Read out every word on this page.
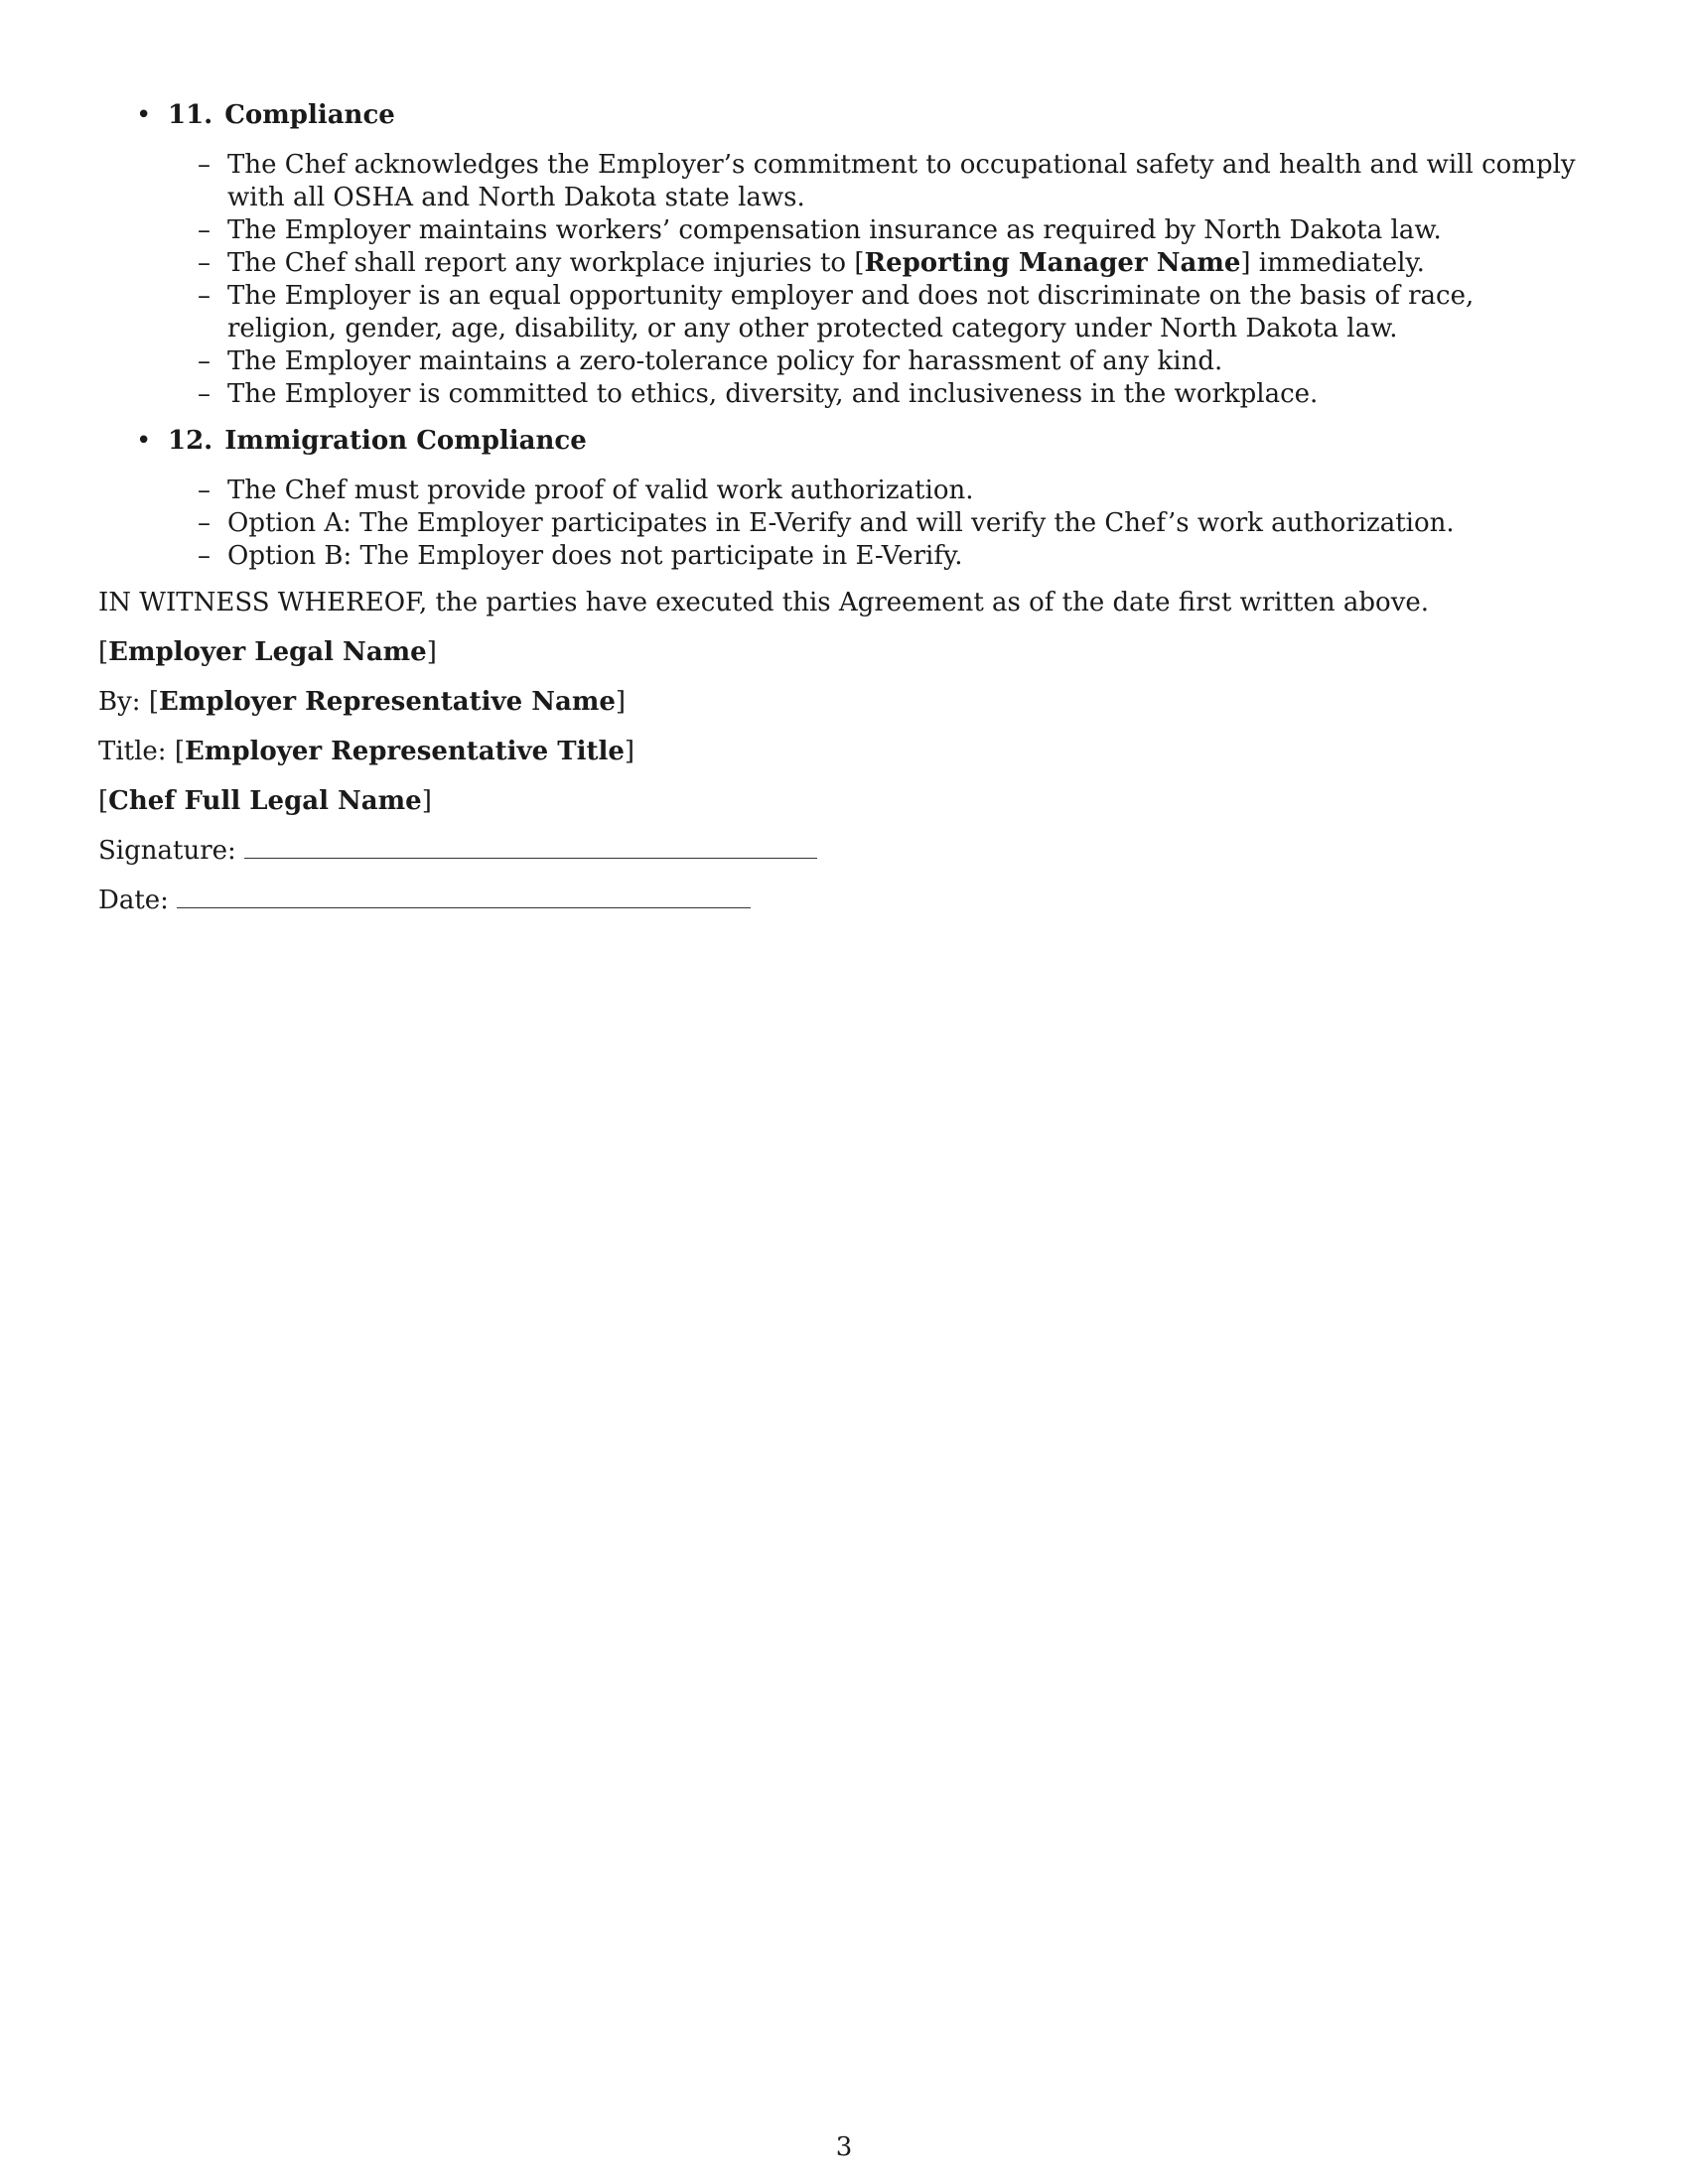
• 11. Compliance
– The Chef acknowledges the Employer’s commitment to occupational safety and health and will comply with all OSHA and North Dakota state laws.
– The Employer maintains workers’ compensation insurance as required by North Dakota law.
– The Chef shall report any workplace injuries to [Reporting Manager Name] immediately.
– The Employer is an equal opportunity employer and does not discriminate on the basis of race, religion, gender, age, disability, or any other protected category under North Dakota law.
– The Employer maintains a zero-tolerance policy for harassment of any kind.
– The Employer is committed to ethics, diversity, and inclusiveness in the workplace.
• 12. Immigration Compliance
– The Chef must provide proof of valid work authorization.
– Option A: The Employer participates in E-Verify and will verify the Chef’s work authorization.
– Option B: The Employer does not participate in E-Verify.

IN WITNESS WHEREOF, the parties have executed this Agreement as of the date first written above.

[Employer Legal Name]

By: [Employer Representative Name]

Title: [Employer Representative Title]

[Chef Full Legal Name]

Signature:

Date:

3
